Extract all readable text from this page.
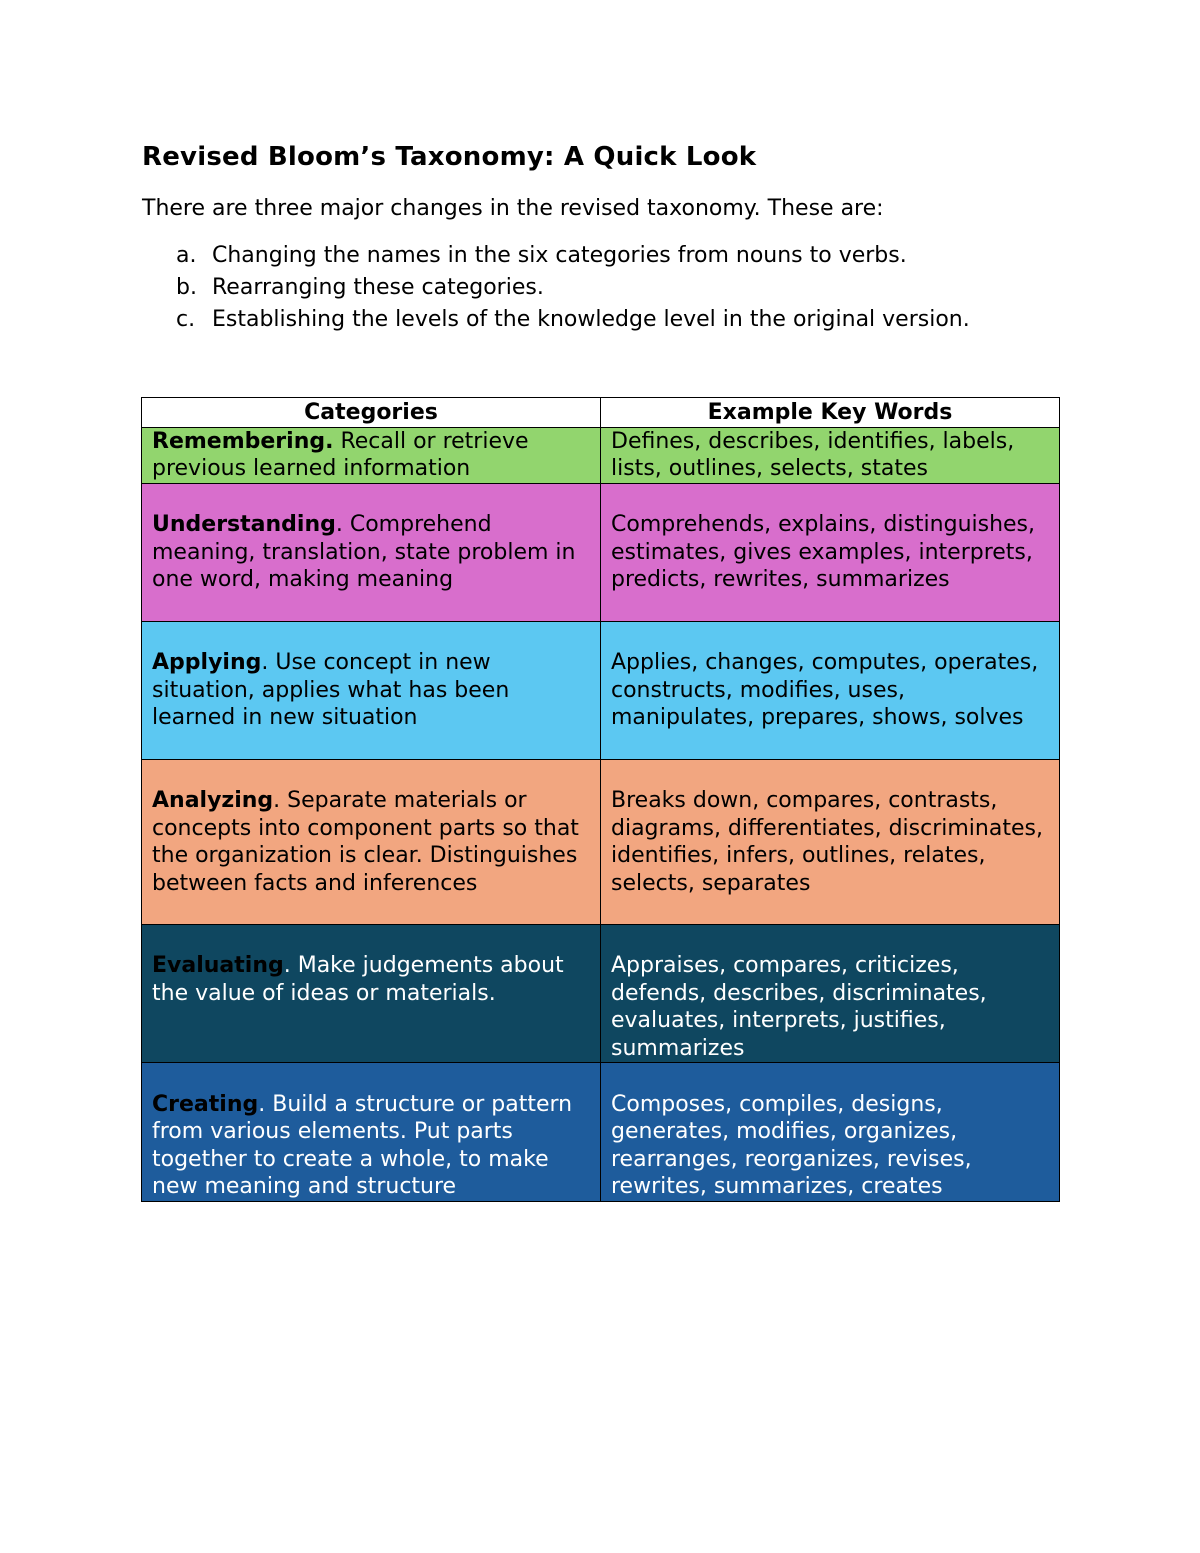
Revised Bloom’s Taxonomy: A Quick Look

There are three major changes in the revised taxonomy. These are:

a. Changing the names in the six categories from nouns to verbs.
b. Rearranging these categories.
c. Establishing the levels of the knowledge level in the original version.
Categories	Example Key Words
Remembering. Recall or retrieve previous learned information	Defines, describes, identifies, labels, lists, outlines, selects, states

Understanding. Comprehend meaning, translation, state problem in one word, making meaning	Comprehends, explains, distinguishes, estimates, gives examples, interprets, predicts, rewrites, summarizes

Applying. Use concept in new situation, applies what has been learned in new situation	Applies, changes, computes, operates, constructs, modifies, uses, manipulates, prepares, shows, solves

Analyzing. Separate materials or concepts into component parts so that the organization is clear. Distinguishes between facts and inferences	Breaks down, compares, contrasts, diagrams, differentiates, discriminates, identifies, infers, outlines, relates, selects, separates

Evaluating. Make judgements about the value of ideas or materials.	Appraises, compares, criticizes, defends, describes, discriminates, evaluates, interprets, justifies, summarizes

Creating. Build a structure or pattern from various elements. Put parts together to create a whole, to make new meaning and structure	Composes, compiles, designs, generates, modifies, organizes, rearranges, reorganizes, revises, rewrites, summarizes, creates
